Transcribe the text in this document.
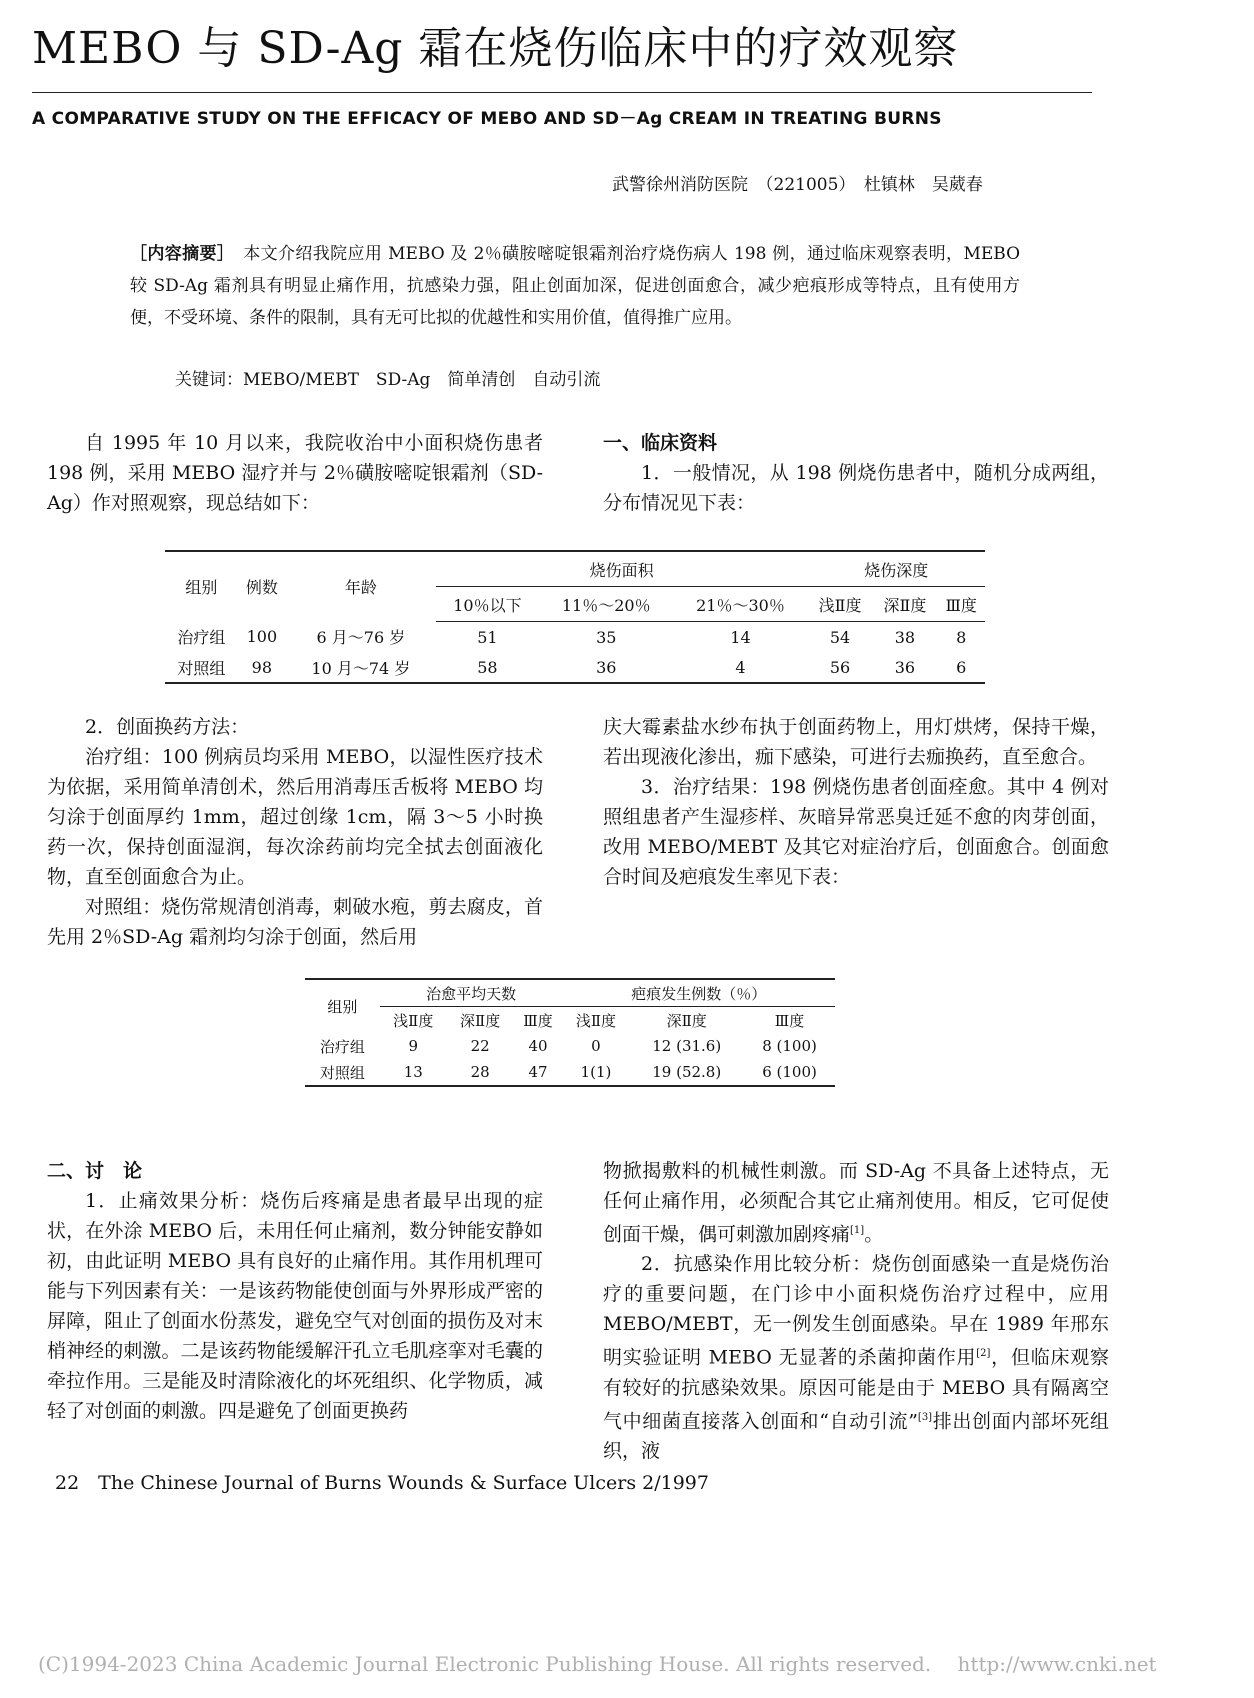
MEBO 与 SD-Ag 霜在烧伤临床中的疗效观察
A COMPARATIVE STUDY ON THE EFFICACY OF MEBO AND SD－Ag CREAM IN TREATING BURNS
武警徐州消防医院　（221005）　杜镇林　吴葳春
［内容摘要］　本文介绍我院应用 MEBO 及 2％磺胺嘧啶银霜剂治疗烧伤病人 198 例，通过临床观察表明，MEBO 较 SD-Ag 霜剂具有明显止痛作用，抗感染力强，阻止创面加深，促进创面愈合，减少疤痕形成等特点，且有使用方便，不受环境、条件的限制，具有无可比拟的优越性和实用价值，值得推广应用。
关键词：MEBO/MEBT　SD-Ag　简单清创　自动引流

自 1995 年 10 月以来，我院收治中小面积烧伤患者 198 例，采用 MEBO 湿疗并与 2％磺胺嘧啶银霜剂（SD-Ag）作对照观察，现总结如下：

一、临床资料

1．一般情况，从 198 例烧伤患者中，随机分成两组，分布情况见下表：

组别	例数	年龄	烧伤面积			烧伤深度		
			10％以下	11％～20％	21％～30％	浅Ⅱ度	深Ⅱ度	Ⅲ度
治疗组	100	6 月～76 岁	51	35	14	54	38	8
对照组	98	10 月～74 岁	58	36	4	56	36	6

2．创面换药方法：

治疗组：100 例病员均采用 MEBO，以湿性医疗技术为依据，采用简单清创术，然后用消毒压舌板将 MEBO 均匀涂于创面厚约 1mm，超过创缘 1cm，隔 3～5 小时换药一次，保持创面湿润，每次涂药前均完全拭去创面液化物，直至创面愈合为止。

对照组：烧伤常规清创消毒，刺破水疱，剪去腐皮，首先用 2％SD-Ag 霜剂均匀涂于创面，然后用

庆大霉素盐水纱布执于创面药物上，用灯烘烤，保持干燥，若出现液化渗出，痂下感染，可进行去痂换药，直至愈合。

3．治疗结果：198 例烧伤患者创面痊愈。其中 4 例对照组患者产生湿疹样、灰暗异常恶臭迁延不愈的肉芽创面，改用 MEBO/MEBT 及其它对症治疗后，创面愈合。创面愈合时间及疤痕发生率见下表：

组别	治愈平均天数			疤痕发生例数（％）		
	浅Ⅱ度	深Ⅱ度	Ⅲ度	浅Ⅱ度	深Ⅱ度	Ⅲ度
治疗组	9	22	40	0	12 (31.6)	8 (100)
对照组	13	28	47	1(1)	19 (52.8)	6 (100)

二、讨　论

1．止痛效果分析：烧伤后疼痛是患者最早出现的症状，在外涂 MEBO 后，未用任何止痛剂，数分钟能安静如初，由此证明 MEBO 具有良好的止痛作用。其作用机理可能与下列因素有关：一是该药物能使创面与外界形成严密的屏障，阻止了创面水份蒸发，避免空气对创面的损伤及对末梢神经的刺激。二是该药物能缓解汗孔立毛肌痉挛对毛囊的牵拉作用。三是能及时清除液化的坏死组织、化学物质，减轻了对创面的刺激。四是避免了创面更换药

物掀揭敷料的机械性刺激。而 SD-Ag 不具备上述特点，无任何止痛作用，必须配合其它止痛剂使用。相反，它可促使创面干燥，偶可刺激加剧疼痛[1]。

2．抗感染作用比较分析：烧伤创面感染一直是烧伤治疗的重要问题，在门诊中小面积烧伤治疗过程中，应用 MEBO/MEBT，无一例发生创面感染。早在 1989 年邢东明实验证明 MEBO 无显著的杀菌抑菌作用[2]，但临床观察有较好的抗感染效果。原因可能是由于 MEBO 具有隔离空气中细菌直接落入创面和“自动引流”[3]排出创面内部坏死组织，液

22　The Chinese Journal of Burns Wounds & Surface Ulcers 2/1997
(C)1994-2023 China Academic Journal Electronic Publishing House. All rights reserved.　 http://www.cnki.net
